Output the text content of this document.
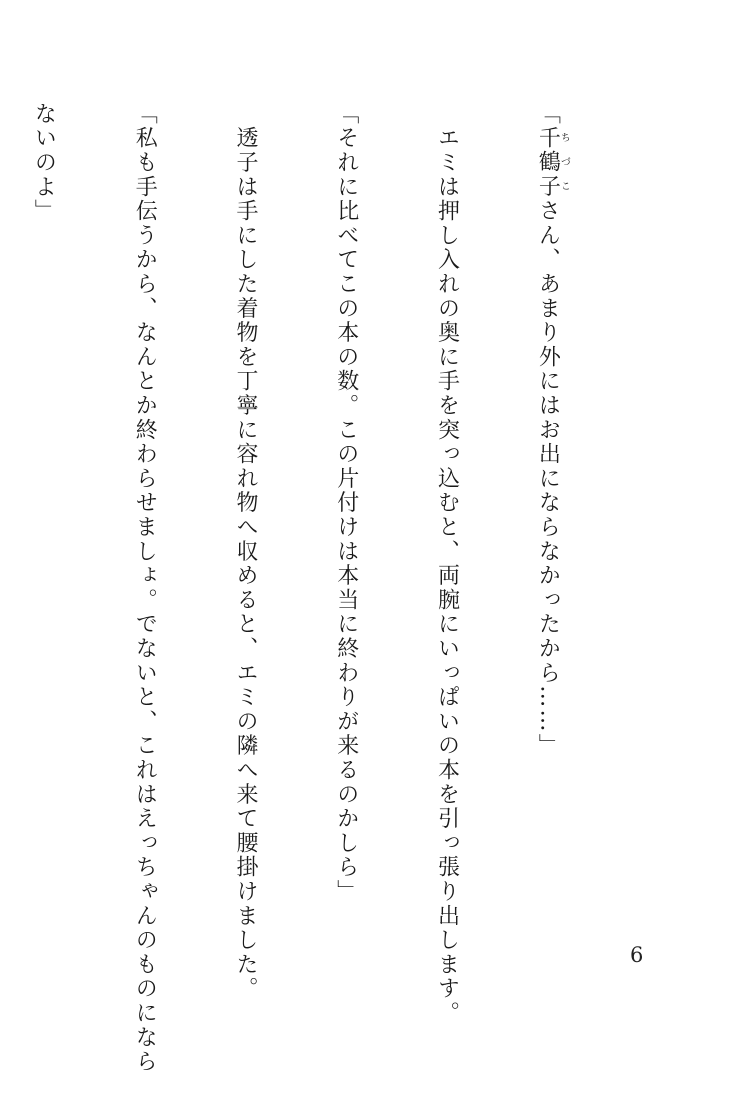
「千鶴子ちづこさん、あまり外にはお出にならなかったから……」

　エミは押し入れの奥に手を突っ込むと、両腕にいっぱいの本を引っ張り出します。

「それに比べてこの本の数。この片付けは本当に終わりが来るのかしら」

　透子は手にした着物を丁寧に容れ物へ収めると、エミの隣へ来て腰掛けました。

「私も手伝うから、なんとか終わらせましょ。でないと、これはえっちゃんのものになら

ないのよ」

6
